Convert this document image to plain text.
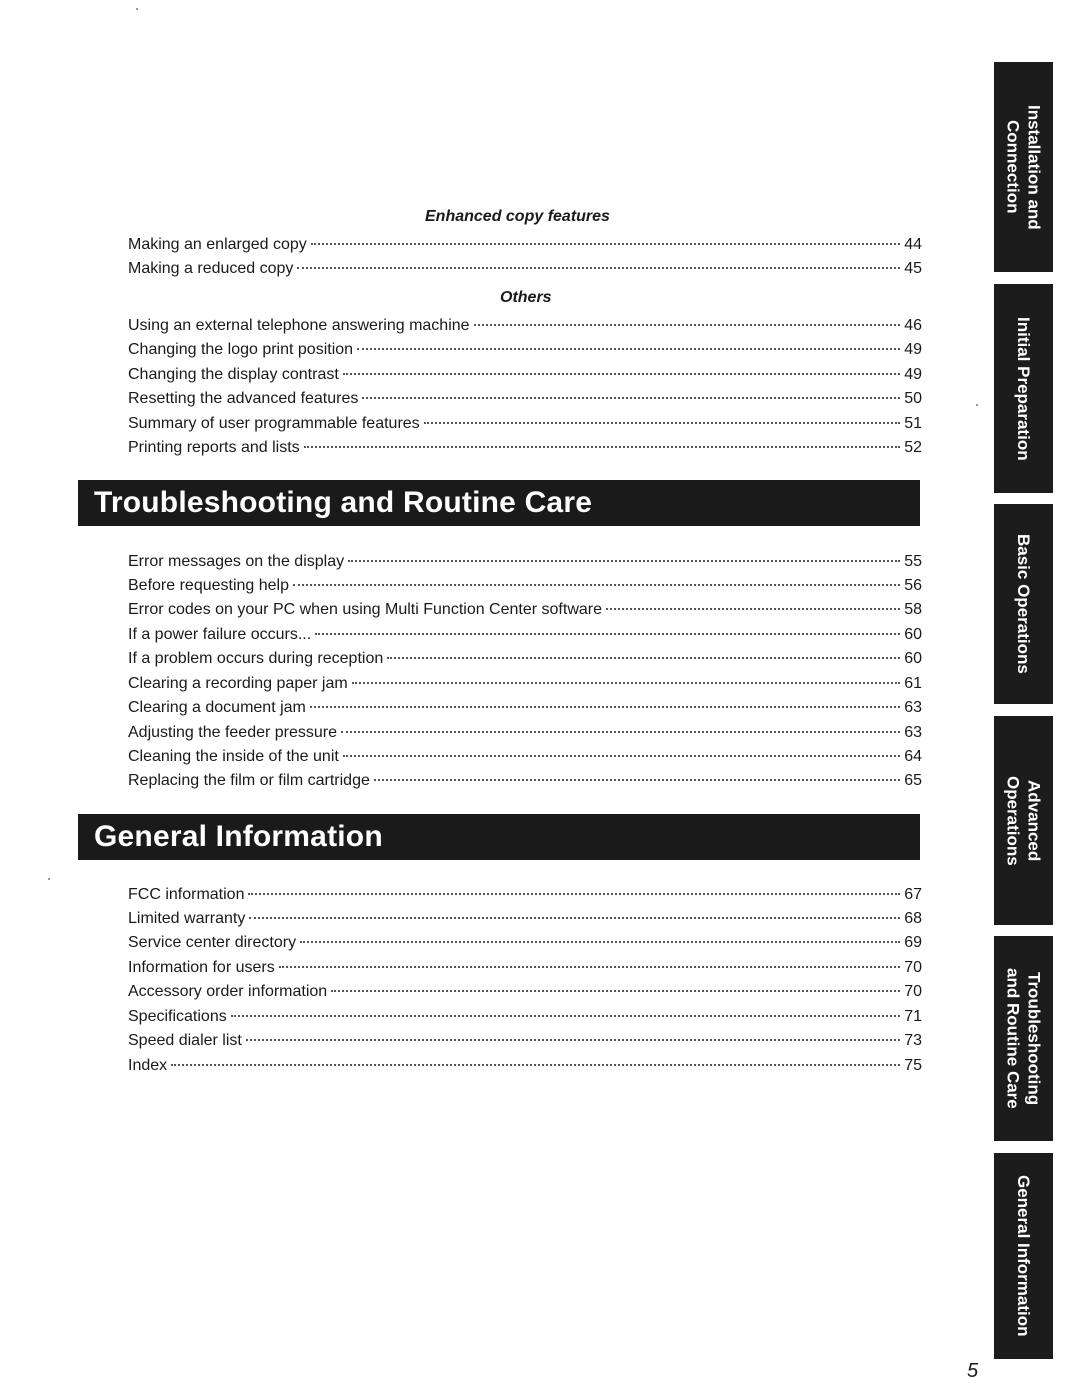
Enhanced copy features
Making an enlarged copy	44
Making a reduced copy	45
Others
Using an external telephone answering machine	46
Changing the logo print position	49
Changing the display contrast	49
Resetting the advanced features	50
Summary of user programmable features	51
Printing reports and lists	52
Troubleshooting and Routine Care
Error messages on the display	55
Before requesting help	56
Error codes on your PC when using Multi Function Center software	58
If a power failure occurs...	60
If a problem occurs during reception	60
Clearing a recording paper jam	61
Clearing a document jam	63
Adjusting the feeder pressure	63
Cleaning the inside of the unit	64
Replacing the film or film cartridge	65
General Information
FCC information	67
Limited warranty	68
Service center directory	69
Information for users	70
Accessory order information	70
Specifications	71
Speed dialer list	73
Index	75
Installation and
Connection
Initial Preparation
Basic Operations
Advanced
Operations
Troubleshooting
and Routine Care
General Information
5
